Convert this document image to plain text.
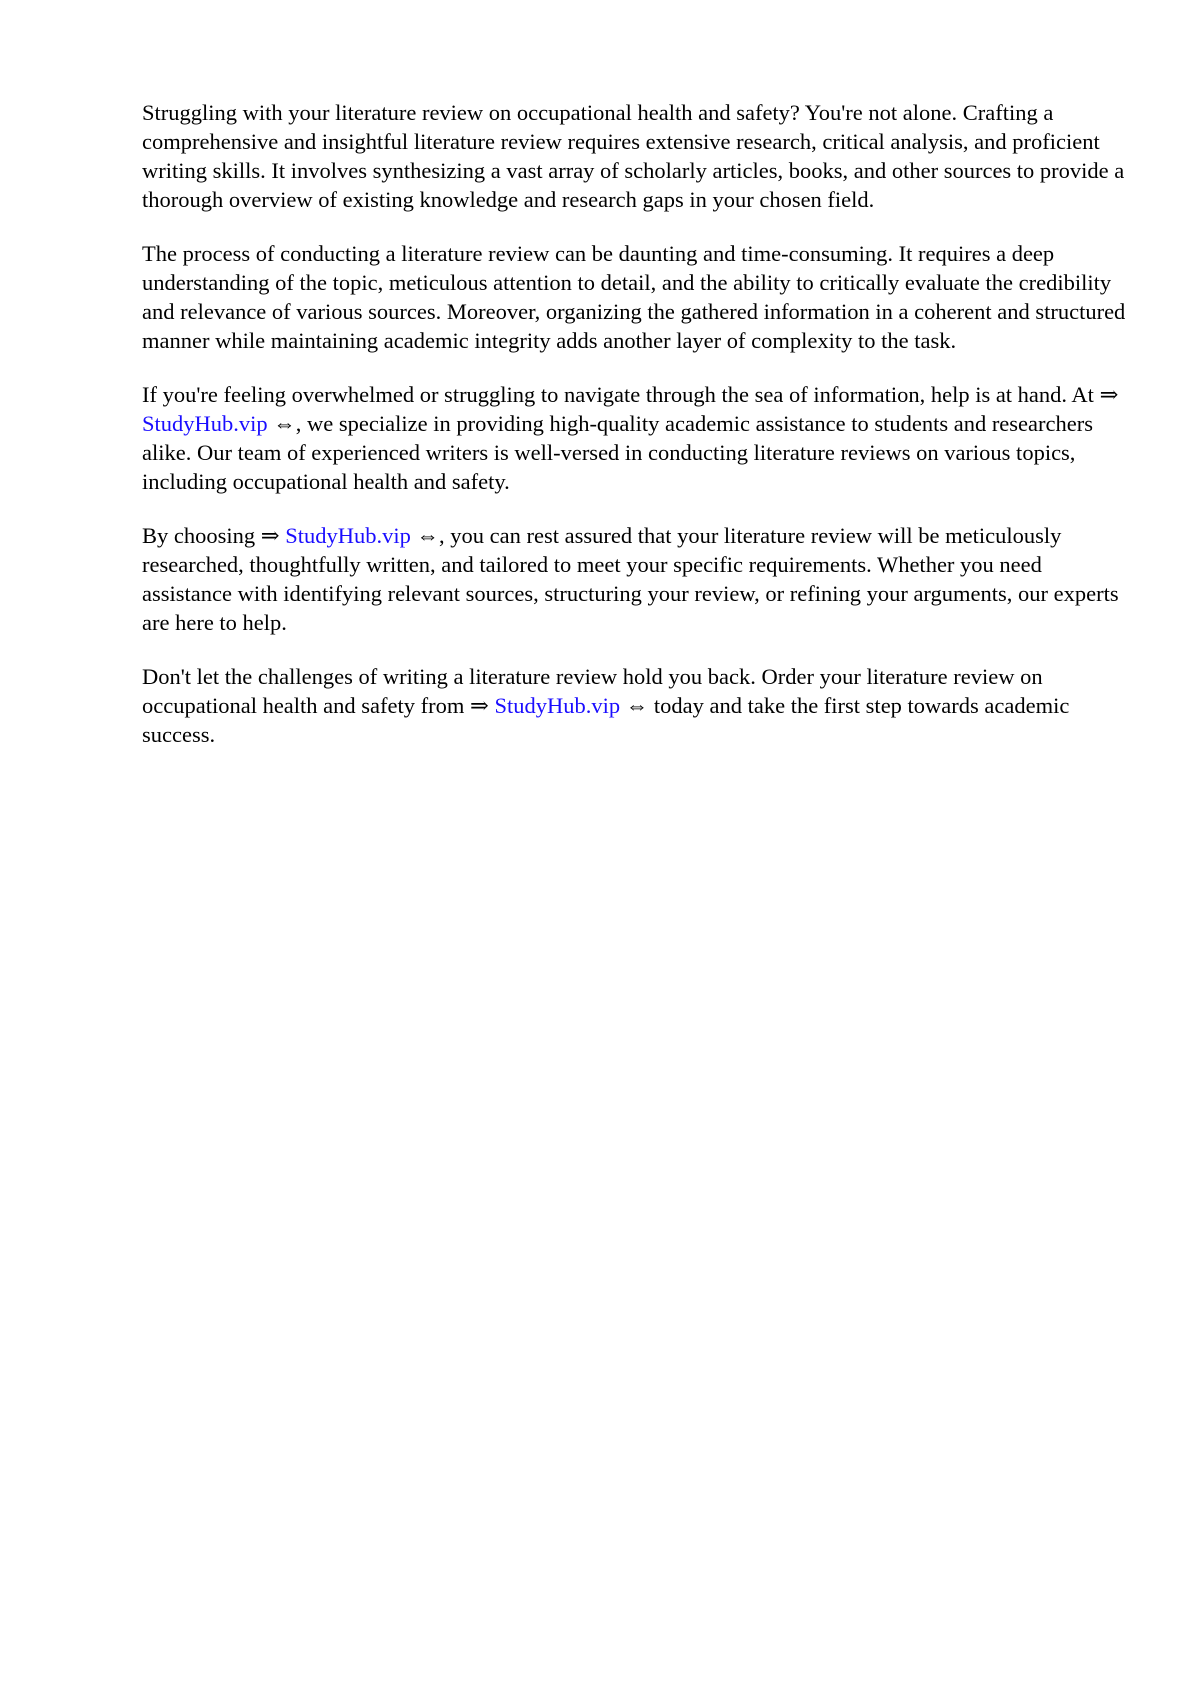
Struggling with your literature review on occupational health and safety? You're not alone. Crafting a comprehensive and insightful literature review requires extensive research, critical analysis, and proficient writing skills. It involves synthesizing a vast array of scholarly articles, books, and other sources to provide a thorough overview of existing knowledge and research gaps in your chosen field.

The process of conducting a literature review can be daunting and time-consuming. It requires a deep understanding of the topic, meticulous attention to detail, and the ability to critically evaluate the credibility and relevance of various sources. Moreover, organizing the gathered information in a coherent and structured manner while maintaining academic integrity adds another layer of complexity to the task.

If you're feeling overwhelmed or struggling to navigate through the sea of information, help is at hand. At ⇒ StudyHub.vip ⇔, we specialize in providing high-quality academic assistance to students and researchers alike. Our team of experienced writers is well-versed in conducting literature reviews on various topics, including occupational health and safety.

By choosing ⇒ StudyHub.vip ⇔, you can rest assured that your literature review will be meticulously researched, thoughtfully written, and tailored to meet your specific requirements. Whether you need assistance with identifying relevant sources, structuring your review, or refining your arguments, our experts are here to help.

Don't let the challenges of writing a literature review hold you back. Order your literature review on occupational health and safety from ⇒ StudyHub.vip ⇔ today and take the first step towards academic success.
